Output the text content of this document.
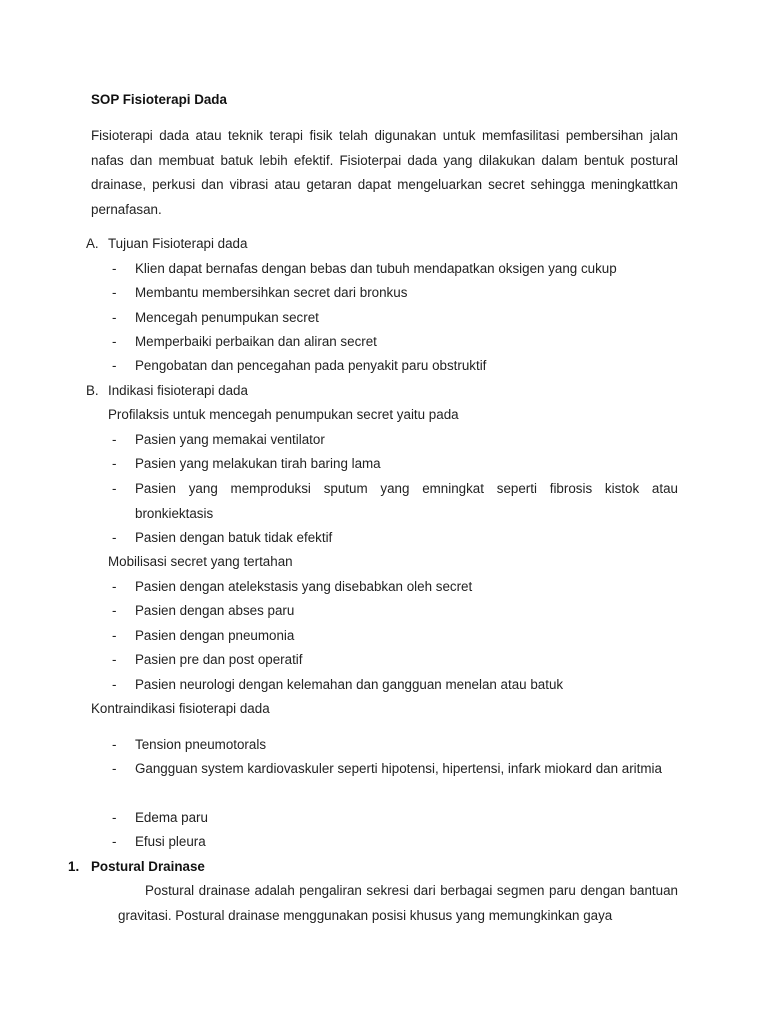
SOP Fisioterapi Dada

Fisioterapi dada atau teknik terapi fisik telah digunakan untuk memfasilitasi pembersihan jalan nafas dan membuat batuk lebih efektif. Fisioterpai dada yang dilakukan dalam bentuk postural drainase, perkusi dan vibrasi atau getaran dapat mengeluarkan secret sehingga meningkattkan pernafasan.

A. Tujuan Fisioterapi dada
- Klien dapat bernafas dengan bebas dan tubuh mendapatkan oksigen yang cukup
- Membantu membersihkan secret dari bronkus
- Mencegah penumpukan secret
- Memperbaiki perbaikan dan aliran secret
- Pengobatan dan pencegahan pada penyakit paru obstruktif
B. Indikasi fisioterapi dada
Profilaksis untuk mencegah penumpukan secret yaitu pada
- Pasien yang memakai ventilator
- Pasien yang melakukan tirah baring lama
- Pasien yang memproduksi sputum yang emningkat seperti fibrosis kistok atau bronkiektasis

- Pasien dengan batuk tidak efektif
Mobilisasi secret yang tertahan
- Pasien dengan atelekstasis yang disebabkan oleh secret
- Pasien dengan abses paru
- Pasien dengan pneumonia
- Pasien pre dan post operatif
- Pasien neurologi dengan kelemahan dan gangguan menelan atau batuk
Kontraindikasi fisioterapi dada
- Tension pneumotorals
- Gangguan system kardiovaskuler seperti hipotensi, hipertensi, infark miokard dan aritmia

- Edema paru
- Efusi pleura
1. Postural Drainase

Postural drainase adalah pengaliran sekresi dari berbagai segmen paru dengan bantuan gravitasi. Postural drainase menggunakan posisi khusus yang memungkinkan gaya
